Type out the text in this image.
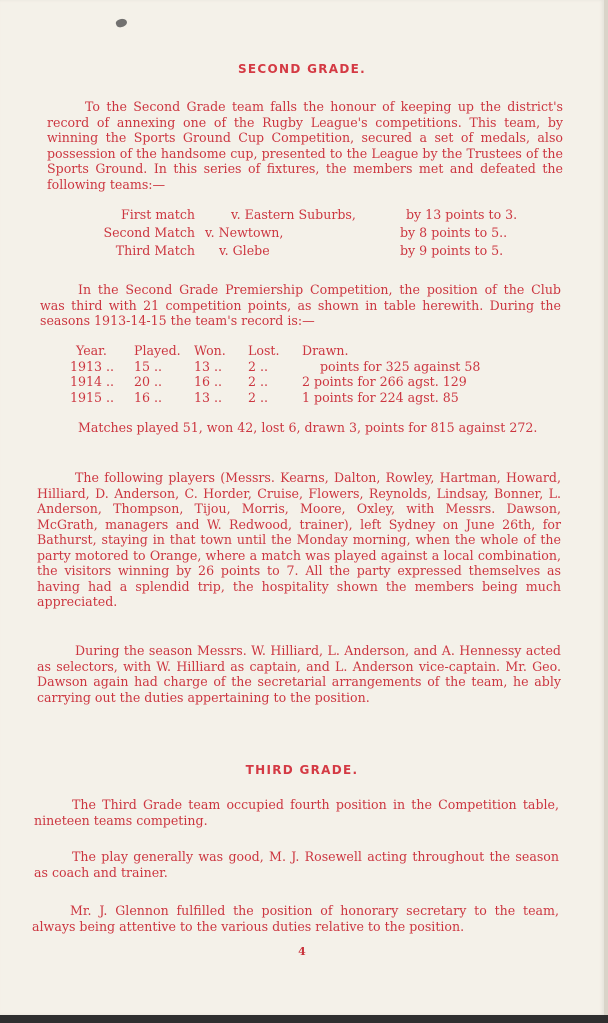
SECOND GRADE.

To the Second Grade team falls the honour of keeping up the district's record of annexing one of the Rugby League's competitions. This team, by winning the Sports Ground Cup Competition, secured a set of medals, also possession of the handsome cup, presented to the League by the Trustees of the Sports Ground. In this series of fixtures, the members met and defeated the following teams:—

First match	v. Eastern Suburbs,	by 13 points to 3.
Second Match v. Newtown,	by 8 points to 5..
Third Match	v. Glebe	by 9 points to 5.

In the Second Grade Premiership Competition, the position of the Club was third with 21 competition points, as shown in table herewith. During the seasons 1913-14-15 the team's record is:—

Year.	Played.	Won.	Lost.	Drawn.
1913 ..	15 ..	13 ..	2 ..	points for 325 against 58
1914 ..	20 ..	16 ..	2 ..	2 points for 266 agst. 129
1915 ..	16 ..	13 ..	2 ..	1 points for 224 agst. 85

Matches played 51, won 42, lost 6, drawn 3, points for 815 against 272.

The following players (Messrs. Kearns, Dalton, Rowley, Hartman, Howard, Hilliard, D. Anderson, C. Horder, Cruise, Flowers, Reynolds, Lindsay, Bonner, L. Anderson, Thompson, Tijou, Morris, Moore, Oxley, with Messrs. Dawson, McGrath, managers and W. Redwood, trainer), left Sydney on June 26th, for Bathurst, staying in that town until the Monday morning, when the whole of the party motored to Orange, where a match was played against a local combination, the visitors winning by 26 points to 7. All the party expressed themselves as having had a splendid trip, the hospitality shown the members being much appreciated.

During the season Messrs. W. Hilliard, L. Anderson, and A. Hennessy acted as selectors, with W. Hilliard as captain, and L. Anderson vice-captain. Mr. Geo. Dawson again had charge of the secretarial arrangements of the team, he ably carrying out the duties appertaining to the position.

THIRD GRADE.

The Third Grade team occupied fourth position in the Competition table, nineteen teams competing.

The play generally was good, M. J. Rosewell acting throughout the season as coach and trainer.

Mr. J. Glennon fulfilled the position of honorary secretary to the team, always being attentive to the various duties relative to the position.

4
